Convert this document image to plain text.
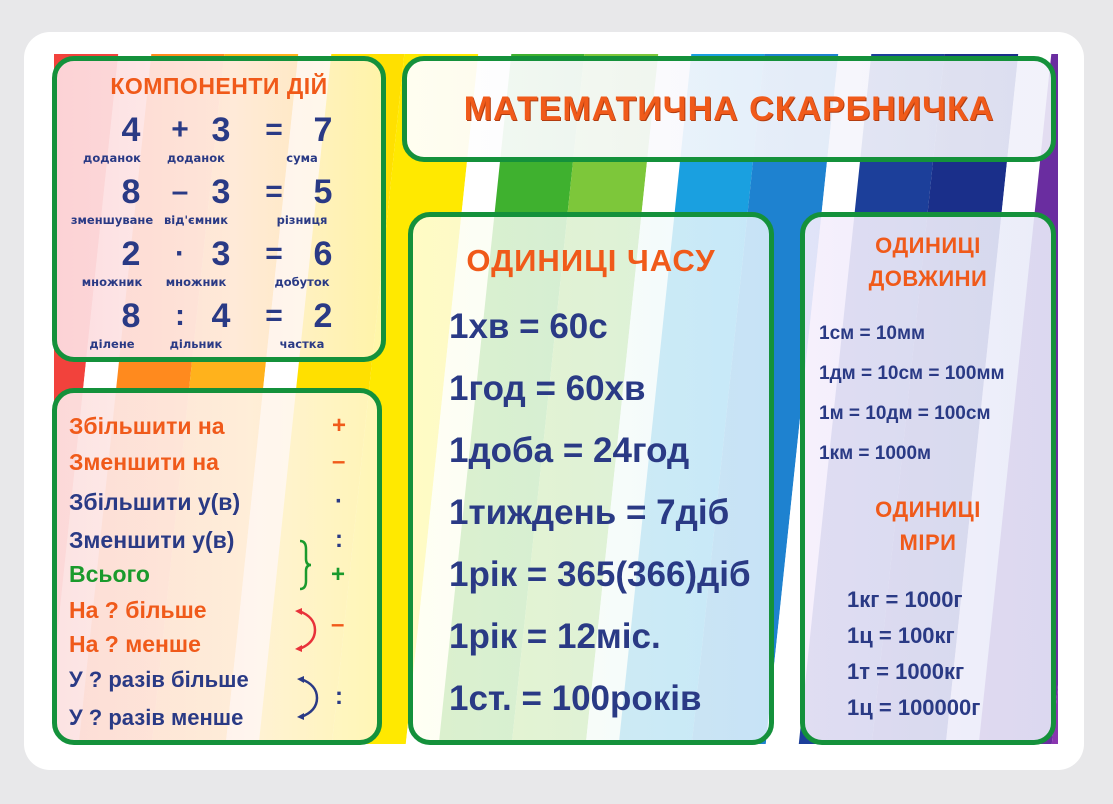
КОМПОНЕНТИ ДІЙ
4	+ 3	= 7
доданок	доданок	сума
8	– 3	= 5
зменшуване від'ємник	різниця
2	· 3	= 6
множник	множник	добуток
8	: 4	= 2
ділене	дільник	частка
Збільшити на	+
Зменшити на	–
Збільшити у(в)	·
Зменшити у(в)	:
Всього	+
На ? більше
На ? менше
–
У ? разів більше
У ? разів менше
:
МАТЕМАТИЧНА СКАРБНИЧКА
ОДИНИЦІ ЧАСУ
1хв = 60с
1год = 60хв
1доба = 24год
1тиждень = 7діб
1рік = 365(366)діб
1рік = 12міс.
1ст. = 100років
ОДИНИЦІ
ДОВЖИНИ
1см = 10мм
1дм = 10см = 100мм
1м = 10дм = 100см
1км = 1000м
ОДИНИЦІ
МІРИ
1кг = 1000г
1ц = 100кг
1т = 1000кг
1ц = 100000г
